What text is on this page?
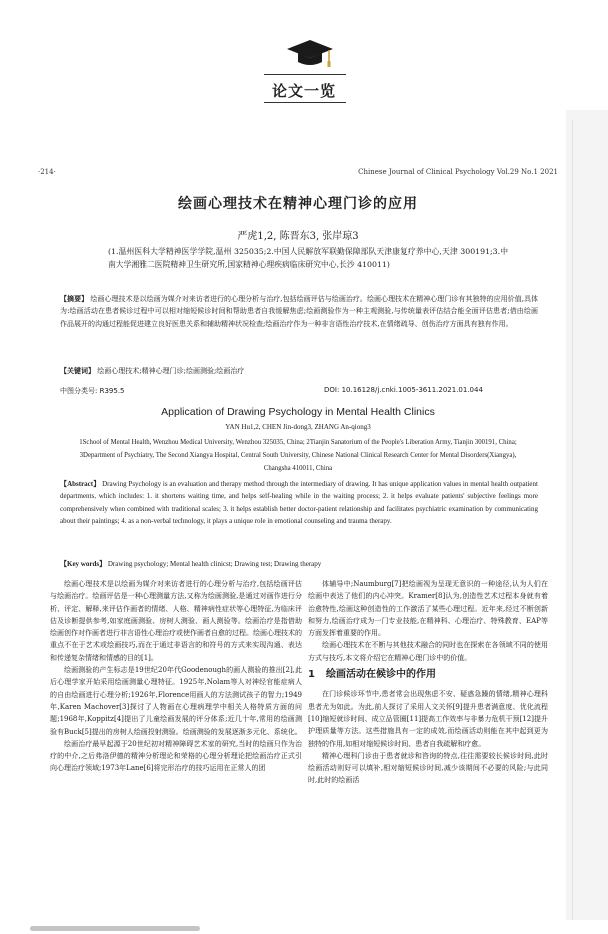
论文一览
·214·	Chinese Journal of Clinical Psychology Vol.29 No.1 2021
绘画心理技术在精神心理门诊的应用
严虎1,2, 陈晋东3, 张岸琼3
(1.温州医科大学精神医学学院,温州 325035;2.中国人民解放军联勤保障部队天津康复疗养中心,天津 300191;3.中南大学湘雅二医院精神卫生研究所,国家精神心理疾病临床研究中心,长沙 410011)
【摘要】 绘画心理技术是以绘画为媒介对来访者进行的心理分析与治疗,包括绘画评估与绘画治疗。绘画心理技术在精神心理门诊有其独特的应用价值,具体为:绘画活动在患者候诊过程中可以相对缩短候诊时间和帮助患者自我缓解焦虑;绘画测验作为一种主观测验,与传统量表评估结合能全面评估患者;借由绘画作品展开的沟通过程能促进建立良好医患关系和辅助精神状况检查;绘画治疗作为一种非言语性治疗技术,在情绪疏导、创伤治疗方面具有独有作用。
【关键词】 绘画心理技术;精神心理门诊;绘画测验;绘画治疗
中图分类号: R395.5	DOI: 10.16128/j.cnki.1005-3611.2021.01.044
Application of Drawing Psychology in Mental Health Clinics
YAN Hu1,2, CHEN Jin-dong3, ZHANG An-qiong3
1School of Mental Health, Wenzhou Medical University, Wenzhou 325035, China; 2Tianjin Sanatorium of the People's Liberation Army, Tianjin 300191, China; 3Department of Psychiatry, The Second Xiangya Hospital, Central South University, Chinese National Clinical Research Center for Mental Disorders(Xiangya), Changsha 410011, China
【Abstract】 Drawing Psychology is an evaluation and therapy method through the intermediary of drawing. It has unique application values in mental health outpatient departments, which includes: 1. it shortens waiting time, and helps self-healing while in the waiting process; 2. it helps evaluate patients' subjective feelings more comprehensively when combined with traditional scales; 3. it helps establish better doctor-patient relationship and facilitates psychiatric examination by communicating about their paintings; 4. as a non-verbal technology, it plays a unique role in emotional counseling and trauma therapy.
【Key words】 Drawing psychology; Mental health clinicst; Drawing test; Drawing therapy

绘画心理技术是以绘画为媒介对来访者进行的心理分析与治疗,包括绘画评估与绘画治疗。绘画评估是一种心理测量方法,又称为绘画测验,是通过对画作进行分析、评定、解释,来评估作画者的情绪、人格、精神病性症状等心理特征,为临床评估及诊断提供参考,如家庭画测验、房树人测验、画人测验等。绘画治疗是指借助绘画创作对作画者进行非言语性心理治疗或使作画者自愈的过程。绘画心理技术的重点不在于艺术或绘画技巧,而在于通过非语言的和符号的方式来实现沟通、表达和传递复杂情绪和情感的目的[1]。

绘画测验的产生标志是19世纪20年代Goodenough的画人测验的推出[2],此后心理学家开始采用绘画测量心理特征。1925年,Nolam等人对神经官能症病人的自由绘画进行心理分析;1926年,Florence用画人的方法测试孩子的智力;1949年,Karen Machover[3]探讨了人物画在心理病理学中相关人格特质方面的问题;1968年,Koppitz[4]提出了儿童绘画发展的评分体系;近几十年,常用的绘画测验有Buck[5]提出的房树人绘画投射测验。绘画测验的发展逐渐多元化、系统化。

绘画治疗最早起源于20世纪初对精神障碍艺术家的研究,当时的绘画只作为治疗的中介,之后弗洛伊德的精神分析理论和荣格的心理分析理论把绘画治疗正式引向心理治疗领域;1973年Lane[6]将完形治疗的技巧运用在正常人的团

体辅导中;Naumburg[7]把绘画视为呈现无意识的一种途径,认为人们在绘画中表达了他们的内心冲突。Kramer[8]认为,创造性艺术过程本身就有着治愈特性,绘画这种创造性的工作激活了某些心理过程。近年来,经过不断创新和努力,绘画治疗成为一门专业技能,在精神科、心理治疗、特殊教育、EAP等方面发挥着重要的作用。

绘画心理技术在不断与其他技术融合的同时也在探索在各领域不同的使用方式与技巧,本文将介绍它在精神心理门诊中的价值。

1 绘画活动在候诊中的作用

在门诊候诊环节中,患者常会出现焦虑不安、疑惑急躁的情绪,精神心理科患者尤为如此。为此,前人探讨了采用人文关怀[9]提升患者满意度、优化流程[10]缩短就诊时间、成立品管圈[11]提高工作效率与非暴力危机干预[12]提升护理质量等方法。这些措施具有一定的成效,而绘画活动则能在其中起到更为独特的作用,如相对缩短候诊时间、患者自我疏解和疗愈。

精神心理科门诊由于患者就诊和咨询的特点,往往需要较长候诊时间,此时绘画活动则好可以填补,相对缩短候诊时间,减少该期间不必要的风险;与此同时,此时的绘画活
